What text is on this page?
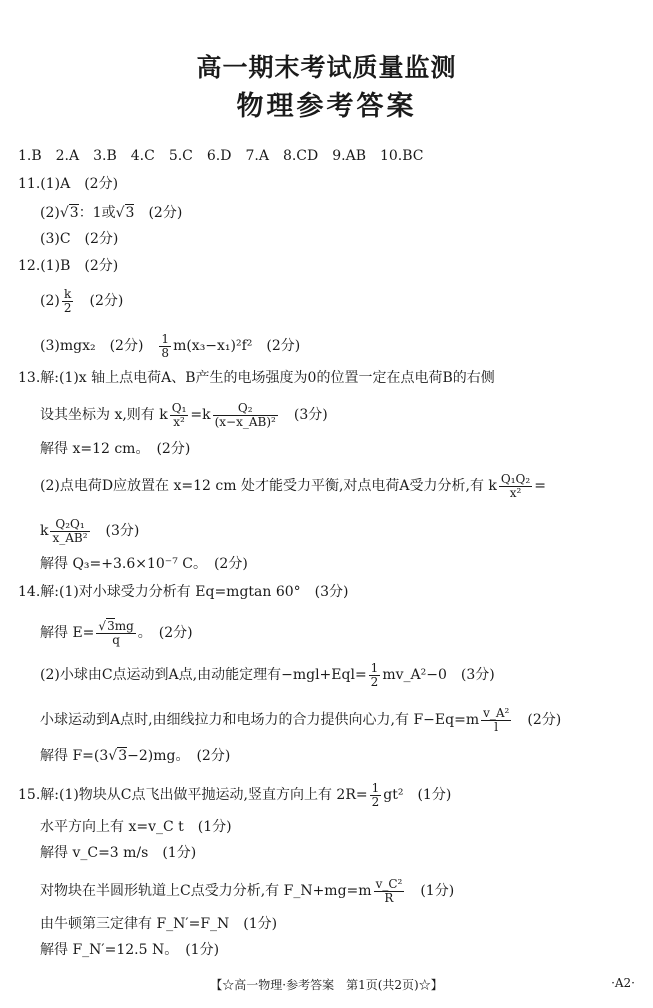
高一期末考试质量监测
物理参考答案
1.B　2.A　3.B　4.C　5.C　6.D　7.A　8.CD　9.AB　10.BC
11.(1)A　(2分)
(2)√3：1或√3　(2分)
(3)C　(2分)
12.(1)B　(2分)
$(2) \frac{k}{2}$ 　(2分)
(3)mgx₂　(2分)　 $\frac{1}{8} m(x_3-x_1)^2f^2$　(2分)
13.解:(1)x 轴上点电荷A、B产生的电场强度为0的位置一定在点电荷B的右侧
设其坐标为 x,则有 k $\frac{\text{Q₁}}{\text{x²}} =k \frac{\text{Q₂}}{\text{(x−x\_AB)²}}$ 　(3分)
解得 x=12 cm。　(2分)
(2)点电荷D应放置在 x=12 cm 处才能受力平衡,对点电荷A受力分析,有 k $\frac{\text{Q₁Q₂}}{\text{x²}}$ =
k $\frac{\text{Q₂Q₁}}{\text{x\_AB²}}$ 　(3分)
解得 Q₃=+3.6×10⁻⁷ C。　(2分)
14.解:(1)对小球受力分析有 Eq=mgtan 60°　(3分)
解得 $E= \frac{√3mg}{q}$ 。　(2分)
(2)小球由C点运动到A点,由动能定理有$-mgl+Eql= \frac{1}{2}$ mv_A²−0　(3分)
小球运动到A点时,由细线拉力和电场力的合力提供向心力,有 $F-Eq=m \frac{\text{v\_A²}}{l}$ 　(2分)
解得 F=(3√3−2)mg。　(2分)
15.解:(1)物块从C点飞出做平抛运动,竖直方向上有 $2R= \frac{1}{2} gt^2$　(1分)
水平方向上有 x=v_C t　(1分)
解得 v_C=3 m/s　(1分)
对物块在半圆形轨道上C点受力分析,有 F_N+mg=m $\frac{\text{v\_C²}}{R}$ 　(1分)
由牛顿第三定律有 F_N′=F_N　(1分)
解得 F_N′=12.5 N。　(1分)
【☆高一物理·参考答案　第1页(共2页)☆】	·A2·
